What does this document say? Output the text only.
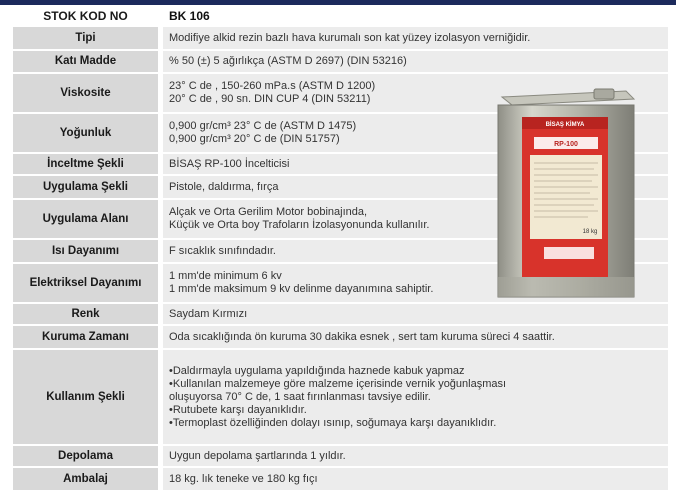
STOK KOD NO		BK 106
Tipi		Modifiye alkid rezin bazlı hava kurumalı son kat yüzey izolasyon verniğidir.

Katı Madde		% 50 (±) 5 ağırlıkça (ASTM D 2697) (DIN 53216)

Viskosite		23° C de , 150-260 mPa.s (ASTM D 1200)
20° C de , 90 sn. DIN CUP 4 (DIN 53211)

Yoğunluk		0,900 gr/cm³ 23° C de (ASTM D 1475)
0,900 gr/cm³ 20° C de (DIN 51757)

İnceltme Şekli		BİSAŞ RP-100 İncelticisi

Uygulama Şekli		Pistole, daldırma, fırça

Uygulama Alanı		Alçak ve Orta Gerilim Motor bobinajında,
Küçük ve Orta boy Trafoların İzolasyonunda kullanılır.

Isı Dayanımı		F sıcaklık sınıfındadır.

Elektriksel Dayanımı		1 mm'de minimum 6 kv
1 mm'de maksimum 9 kv delinme dayanımına sahiptir.

Renk		Saydam Kırmızı

Kuruma Zamanı		Oda sıcaklığında ön kuruma 30 dakika esnek , sert tam kuruma süreci 4 saattir.

Kullanım Şekli		•Daldırmayla uygulama yapıldığında haznede kabuk yapmaz
•Kullanılan malzemeye göre malzeme içerisinde vernik yoğunlaşması
oluşuyorsa 70° C de, 1 saat fırınlanması tavsiye edilir.
•Rutubete karşı dayanıklıdır.
•Termoplast özelliğinden dolayı ısınıp, soğumaya karşı dayanıklıdır.

Depolama		Uygun depolama şartlarında 1 yıldır.

Ambalaj		18 kg. lık teneke ve 180 kg fıçı
BİSAŞ KİMYA
RP-100
18 kg
